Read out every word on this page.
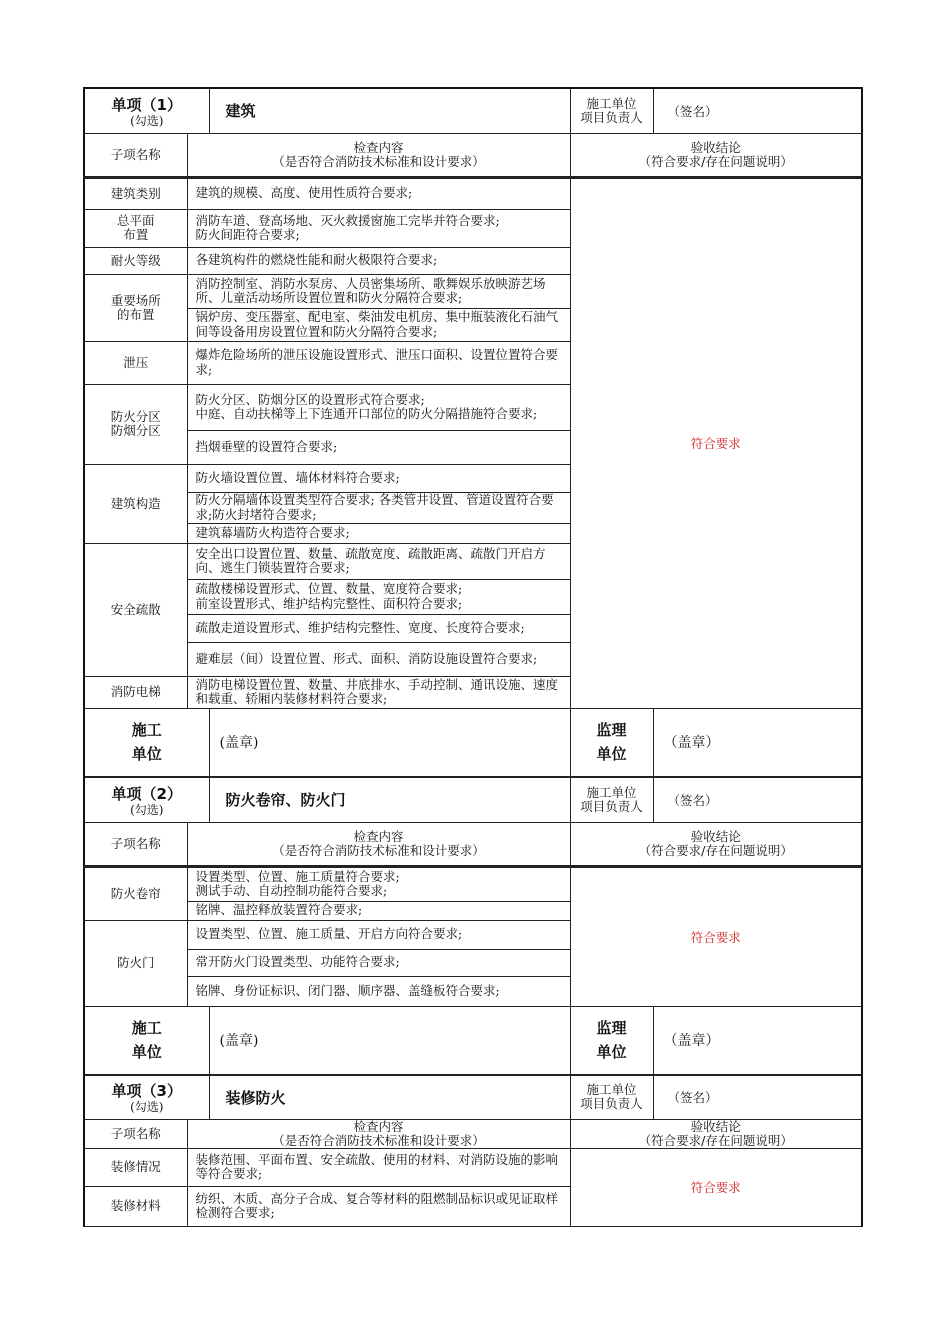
单项（1）
(勾选)		建筑	施工单位
项目负责人	（签名）
子项名称	检查内容
（是否符合消防技术标准和设计要求）		验收结论
（符合要求/存在问题说明）	
建筑类别	建筑的规模、高度、使用性质符合要求;		符合要求	
总平面
布置	消防车道、登高场地、灭火救援窗施工完毕并符合要求;
防火间距符合要求;			
耐火等级	各建筑构件的燃烧性能和耐火极限符合要求;			
重要场所
的布置	消防控制室、消防水泵房、人员密集场所、歌舞娱乐放映游艺场所、儿童活动场所设置位置和防火分隔符合要求;			
	锅炉房、变压器室、配电室、柴油发电机房、集中瓶装液化石油气间等设备用房设置位置和防火分隔符合要求;			
泄压	爆炸危险场所的泄压设施设置形式、泄压口面积、设置位置符合要求;			
防火分区
防烟分区	防火分区、防烟分区的设置形式符合要求;
中庭、自动扶梯等上下连通开口部位的防火分隔措施符合要求;			
	挡烟垂壁的设置符合要求;			
建筑构造	防火墙设置位置、墙体材料符合要求;			
	防火分隔墙体设置类型符合要求; 各类管井设置、管道设置符合要求;防火封堵符合要求;			
	建筑幕墙防火构造符合要求;			
安全疏散	安全出口设置位置、数量、疏散宽度、疏散距离、疏散门开启方向、逃生门锁装置符合要求;			
	疏散楼梯设置形式、位置、数量、宽度符合要求;
前室设置形式、维护结构完整性、面积符合要求;			
	疏散走道设置形式、维护结构完整性、宽度、长度符合要求;			
	避难层（间）设置位置、形式、面积、消防设施设置符合要求;			
消防电梯	消防电梯设置位置、数量、井底排水、手动控制、通讯设施、速度和载重、轿厢内装修材料符合要求;			
施工
单位		(盖章)	监理
单位	（盖章）
单项（2）
(勾选)		防火卷帘、防火门	施工单位
项目负责人	（签名）
子项名称	检查内容
（是否符合消防技术标准和设计要求）		验收结论
（符合要求/存在问题说明）	
防火卷帘	设置类型、位置、施工质量符合要求;
测试手动、自动控制功能符合要求;		符合要求	
	铭牌、温控释放装置符合要求;			
防火门	设置类型、位置、施工质量、开启方向符合要求;			
	常开防火门设置类型、功能符合要求;			
	铭牌、身份证标识、闭门器、顺序器、盖缝板符合要求;			
施工
单位		(盖章)	监理
单位	（盖章）
单项（3）
(勾选)		装修防火	施工单位
项目负责人	（签名）
子项名称	检查内容
（是否符合消防技术标准和设计要求）		验收结论
（符合要求/存在问题说明）	
装修情况	装修范围、平面布置、安全疏散、使用的材料、对消防设施的影响等符合要求;		符合要求	
装修材料	纺织、木质、高分子合成、复合等材料的阻燃制品标识或见证取样检测符合要求;			
